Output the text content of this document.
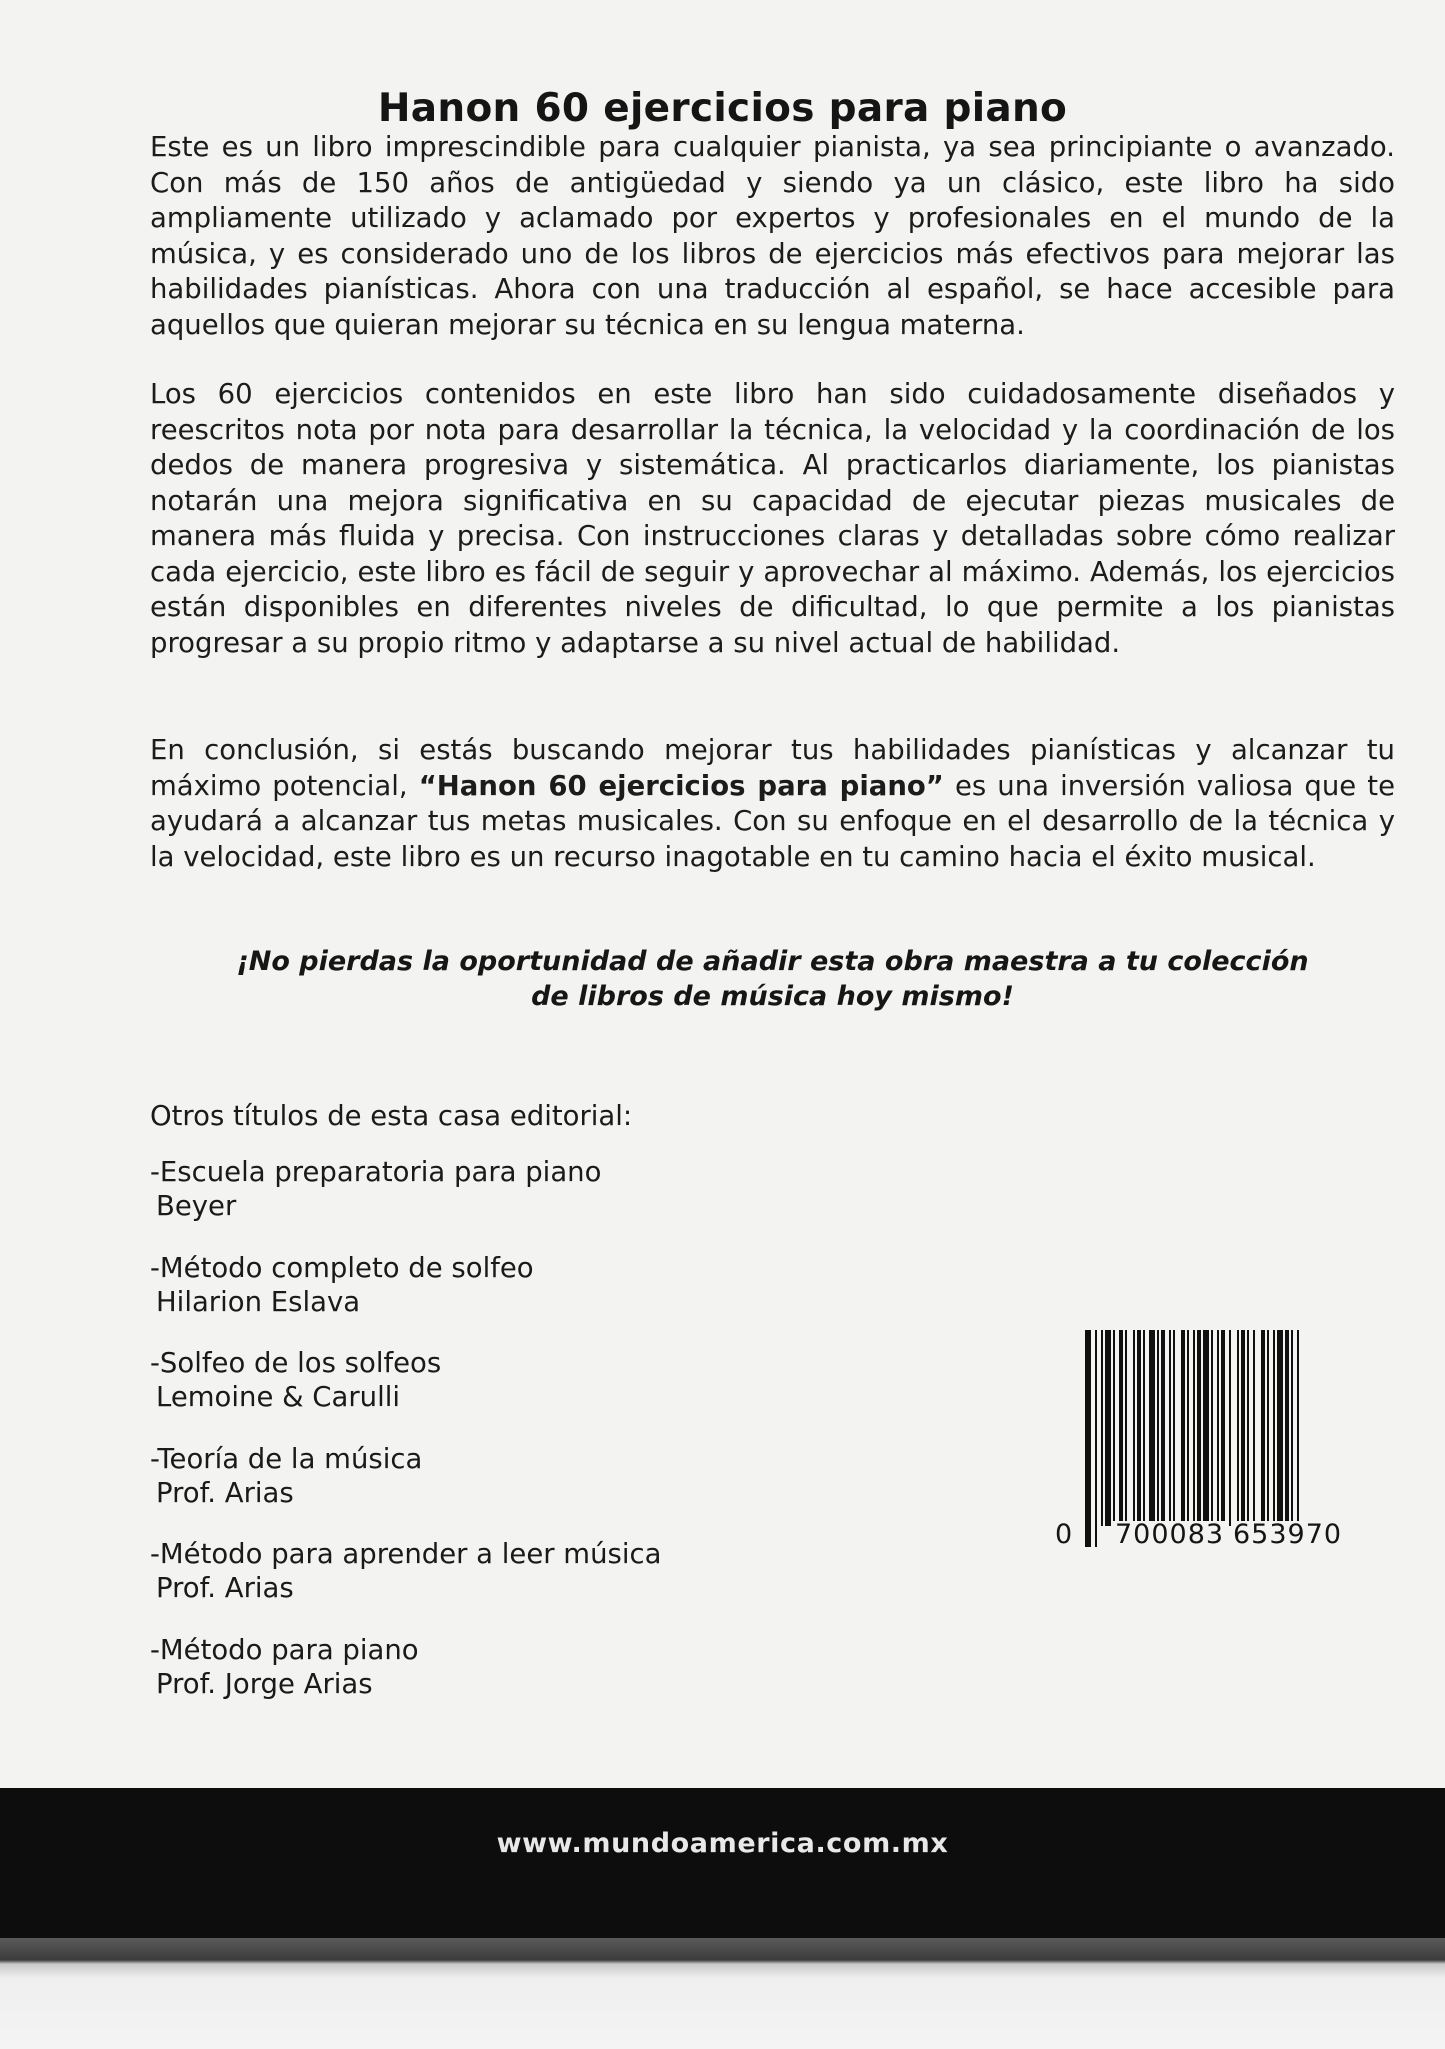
Hanon 60 ejercicios para piano

Este es un libro imprescindible para cualquier pianista, ya sea principiante o avanzado. Con más de 150 años de antigüedad y siendo ya un clásico, este libro ha sido ampliamente utilizado y aclamado por expertos y profesionales en el mundo de la música, y es considerado uno de los libros de ejercicios más efectivos para mejorar las habilidades pianísticas. Ahora con una traducción al español, se hace accesible para aquellos que quieran mejorar su técnica en su lengua materna.

Los 60 ejercicios contenidos en este libro han sido cuidadosamente diseñados y reescritos nota por nota para desarrollar la técnica, la velocidad y la coordinación de los dedos de manera progresiva y sistemática. Al practicarlos diariamente, los pianistas notarán una mejora significativa en su capacidad de ejecutar piezas musicales de manera más fluida y precisa. Con instrucciones claras y detalladas sobre cómo realizar cada ejercicio, este libro es fácil de seguir y aprovechar al máximo. Además, los ejercicios están disponibles en diferentes niveles de dificultad, lo que permite a los pianistas progresar a su propio ritmo y adaptarse a su nivel actual de habilidad.

En conclusión, si estás buscando mejorar tus habilidades pianísticas y alcanzar tu máximo potencial, “Hanon 60 ejercicios para piano” es una inversión valiosa que te ayudará a alcanzar tus metas musicales. Con su enfoque en el desarrollo de la técnica y la velocidad, este libro es un recurso inagotable en tu camino hacia el éxito musical.

¡No pierdas la oportunidad de añadir esta obra maestra a tu colección
de libros de música hoy mismo!

Otros títulos de esta casa editorial:

-Escuela preparatoria para piano
Beyer
-Método completo de solfeo
Hilarion Eslava
-Solfeo de los solfeos
Lemoine & Carulli
-Teoría de la música
Prof. Arias
-Método para aprender a leer música
Prof. Arias
-Método para piano
Prof. Jorge Arias
0 700083 653970

www.mundoamerica.com.mx
